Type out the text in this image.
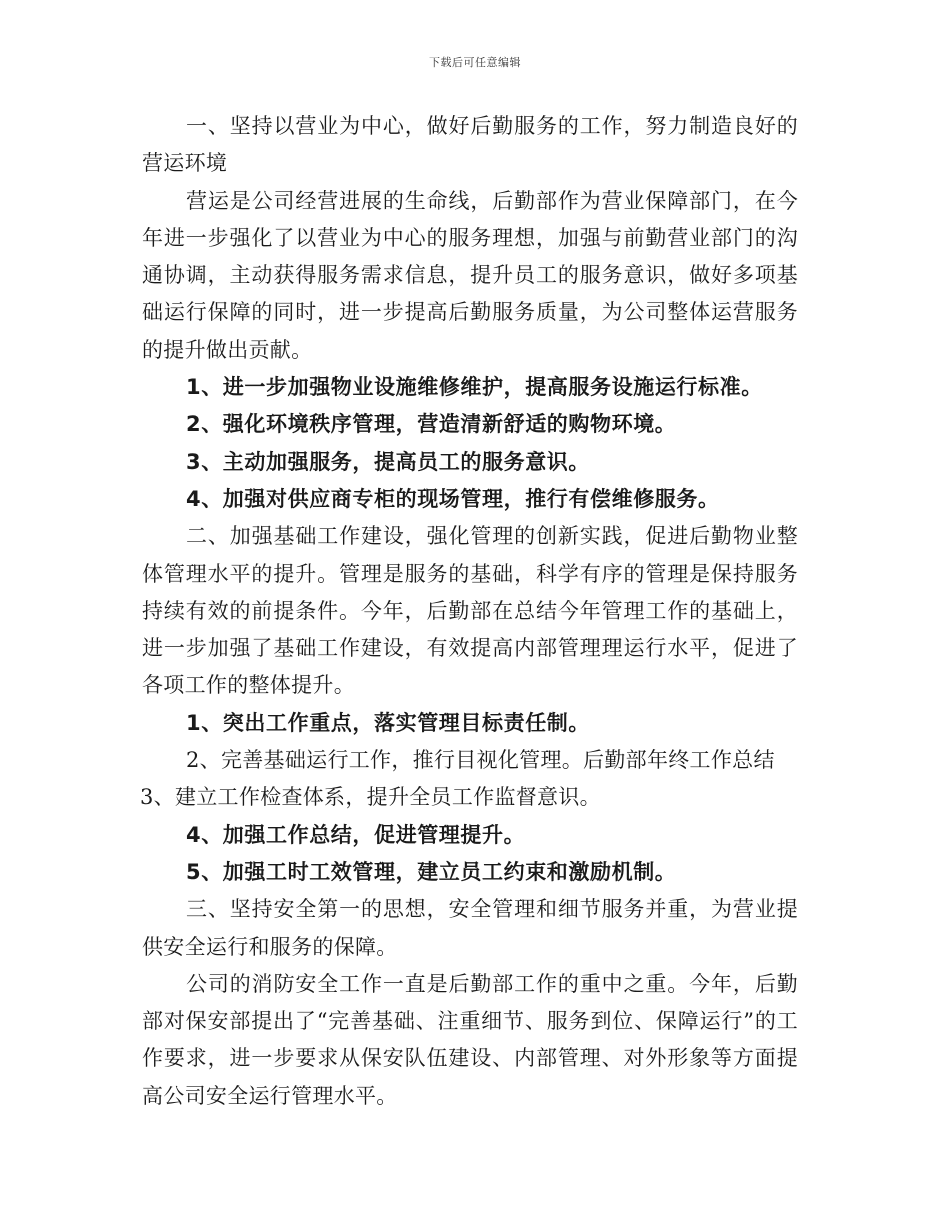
下载后可任意编辑

一、坚持以营业为中心，做好后勤服务的工作，努力制造良好的营运环境

营运是公司经营进展的生命线，后勤部作为营业保障部门，在今年进一步强化了以营业为中心的服务理想，加强与前勤营业部门的沟通协调，主动获得服务需求信息，提升员工的服务意识，做好多项基础运行保障的同时，进一步提高后勤服务质量，为公司整体运营服务的提升做出贡献。

1、进一步加强物业设施维修维护，提高服务设施运行标准。

2、强化环境秩序管理，营造清新舒适的购物环境。

3、主动加强服务，提高员工的服务意识。

4、加强对供应商专柜的现场管理，推行有偿维修服务。

二、加强基础工作建设，强化管理的创新实践，促进后勤物业整体管理水平的提升。管理是服务的基础，科学有序的管理是保持服务持续有效的前提条件。今年，后勤部在总结今年管理工作的基础上，进一步加强了基础工作建设，有效提高内部管理理运行水平，促进了各项工作的整体提升。

1、突出工作重点，落实管理目标责任制。

2、完善基础运行工作，推行目视化管理。后勤部年终工作总结

3、建立工作检查体系，提升全员工作监督意识。

4、加强工作总结，促进管理提升。

5、加强工时工效管理，建立员工约束和激励机制。

三、坚持安全第一的思想，安全管理和细节服务并重，为营业提供安全运行和服务的保障。

公司的消防安全工作一直是后勤部工作的重中之重。今年，后勤部对保安部提出了“完善基础、注重细节、服务到位、保障运行”的工作要求，进一步要求从保安队伍建设、内部管理、对外形象等方面提高公司安全运行管理水平。
